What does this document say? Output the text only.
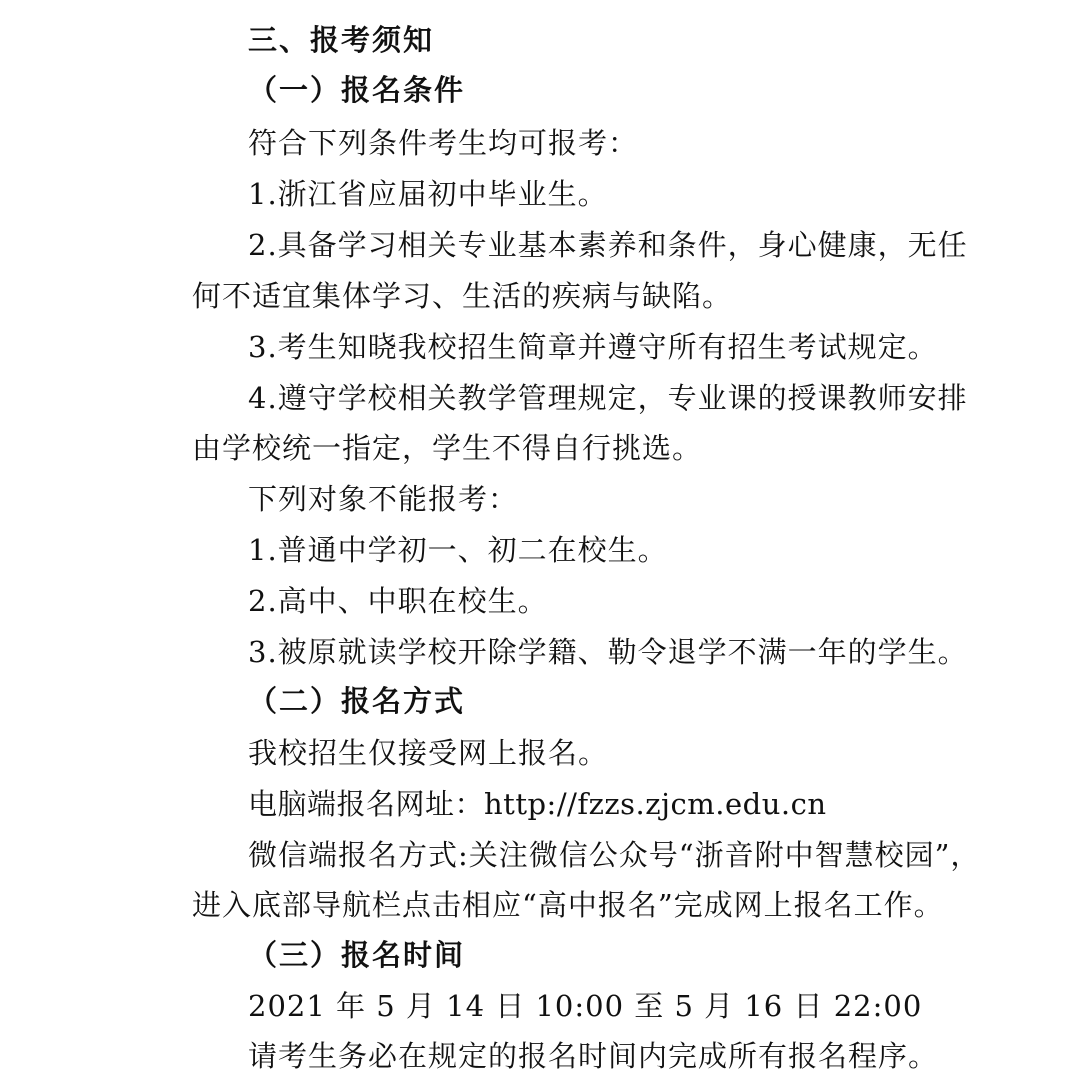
三、报考须知
（一）报名条件
符合下列条件考生均可报考：
1.浙江省应届初中毕业生。
2.具备学习相关专业基本素养和条件，身心健康，无任
何不适宜集体学习、生活的疾病与缺陷。
3.考生知晓我校招生简章并遵守所有招生考试规定。
4.遵守学校相关教学管理规定，专业课的授课教师安排
由学校统一指定，学生不得自行挑选。
下列对象不能报考：
1.普通中学初一、初二在校生。
2.高中、中职在校生。
3.被原就读学校开除学籍、勒令退学不满一年的学生。
（二）报名方式
我校招生仅接受网上报名。
电脑端报名网址：http://fzzs.zjcm.edu.cn
微信端报名方式:关注微信公众号“浙音附中智慧校园”，
进入底部导航栏点击相应“高中报名”完成网上报名工作。
（三）报名时间
2021 年 5 月 14 日 10:00 至 5 月 16 日 22:00
请考生务必在规定的报名时间内完成所有报名程序。
